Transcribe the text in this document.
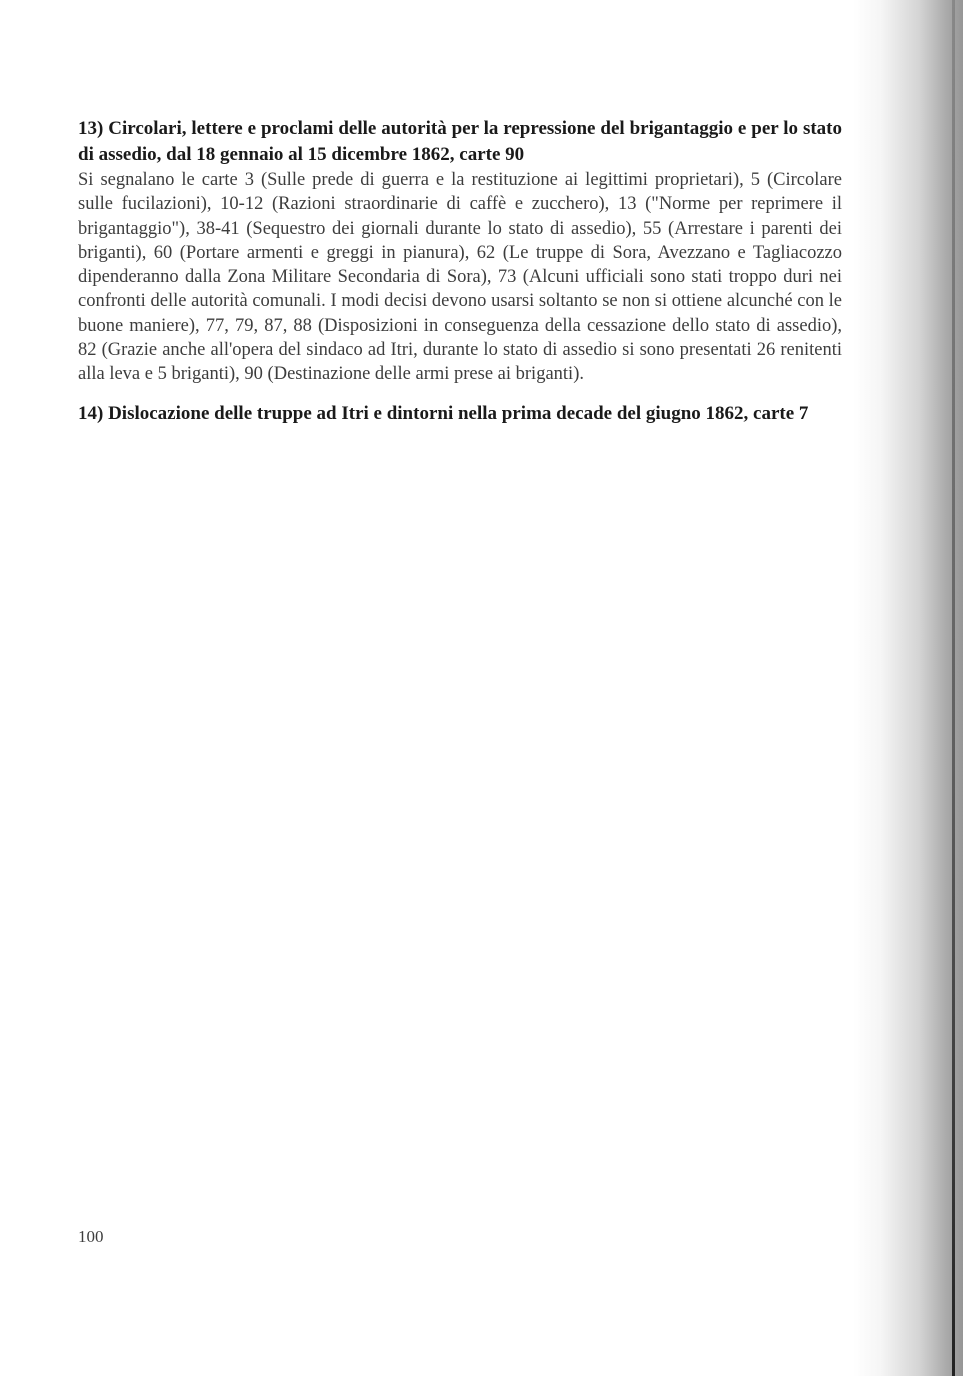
13) Circolari, lettere e proclami delle autorità per la repressione del brigantaggio e per lo stato di assedio, dal 18 gennaio al 15 dicembre 1862, carte 90

Si segnalano le carte 3 (Sulle prede di guerra e la restituzione ai legittimi proprietari), 5 (Circolare sulle fucilazioni), 10-12 (Razioni straordinarie di caffè e zucchero), 13 ("Norme per reprimere il brigantaggio"), 38-41 (Sequestro dei giornali durante lo stato di assedio), 55 (Arrestare i parenti dei briganti), 60 (Portare armenti e greggi in pianura), 62 (Le truppe di Sora, Avezzano e Tagliacozzo dipenderanno dalla Zona Militare Secondaria di Sora), 73 (Alcuni ufficiali sono stati troppo duri nei confronti delle autorità comunali. I modi decisi devono usarsi soltanto se non si ottiene alcunché con le buone maniere), 77, 79, 87, 88 (Disposizioni in conseguenza della cessazione dello stato di assedio), 82 (Grazie anche all'opera del sindaco ad Itri, durante lo stato di assedio si sono presentati 26 renitenti alla leva e 5 briganti), 90 (Destinazione delle armi prese ai briganti).

14) Dislocazione delle truppe ad Itri e dintorni nella prima decade del giugno 1862, carte 7

100
